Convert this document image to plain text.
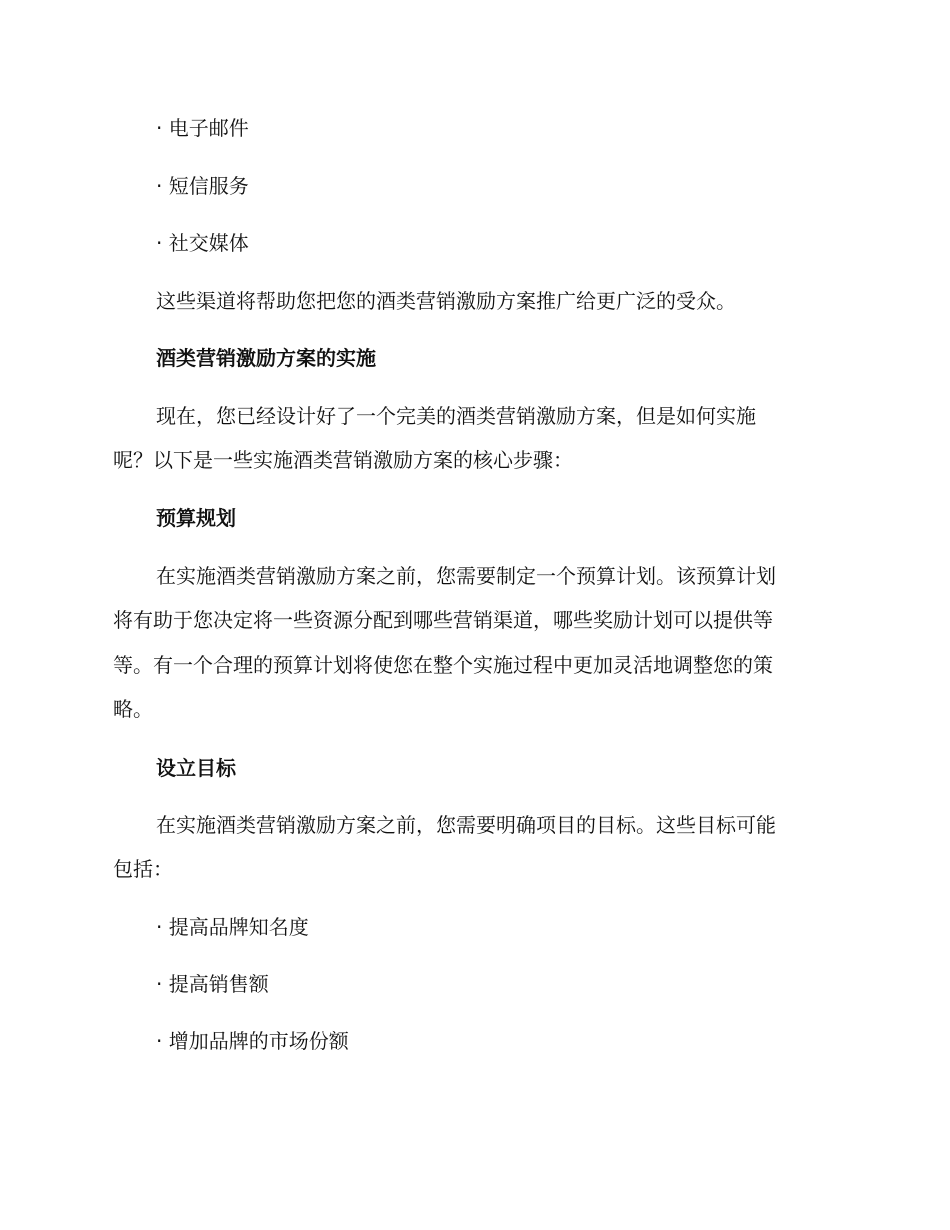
· 电子邮件
· 短信服务
· 社交媒体
这些渠道将帮助您把您的酒类营销激励方案推广给更广泛的受众。
酒类营销激励方案的实施
现在，您已经设计好了一个完美的酒类营销激励方案，但是如何实施
呢？以下是一些实施酒类营销激励方案的核心步骤：
预算规划
在实施酒类营销激励方案之前，您需要制定一个预算计划。该预算计划
将有助于您决定将一些资源分配到哪些营销渠道，哪些奖励计划可以提供等
等。有一个合理的预算计划将使您在整个实施过程中更加灵活地调整您的策
略。
设立目标
在实施酒类营销激励方案之前，您需要明确项目的目标。这些目标可能
包括：
· 提高品牌知名度
· 提高销售额
· 增加品牌的市场份额
